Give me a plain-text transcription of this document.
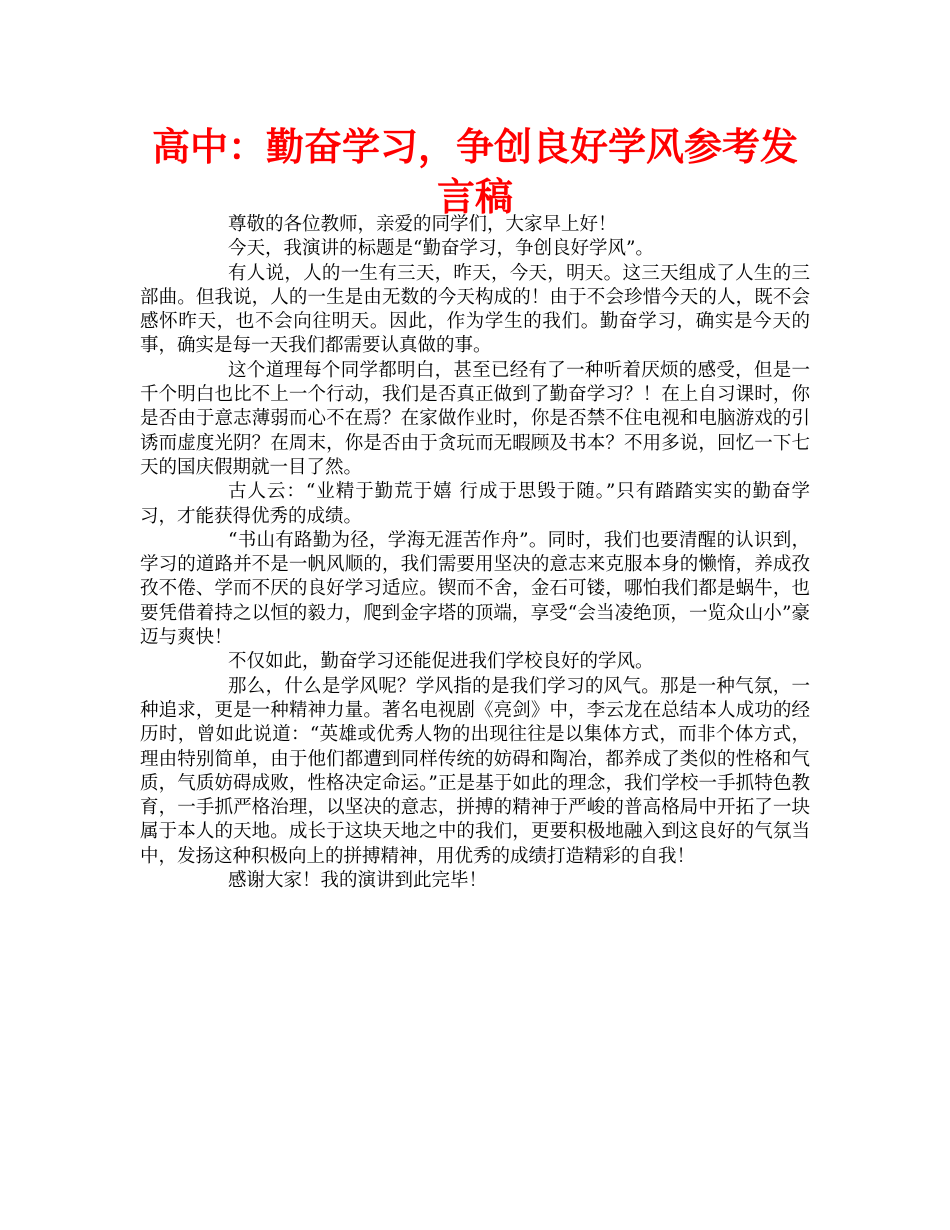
高中：勤奋学习，争创良好学风参考发言稿

尊敬的各位教师，亲爱的同学们，大家早上好！

今天，我演讲的标题是“勤奋学习，争创良好学风”。

有人说，人的一生有三天，昨天，今天，明天。这三天组成了人生的三部曲。但我说，人的一生是由无数的今天构成的！由于不会珍惜今天的人，既不会感怀昨天，也不会向往明天。因此，作为学生的我们。勤奋学习，确实是今天的事，确实是每一天我们都需要认真做的事。

这个道理每个同学都明白，甚至已经有了一种听着厌烦的感受，但是一千个明白也比不上一个行动，我们是否真正做到了勤奋学习？！在上自习课时，你是否由于意志薄弱而心不在焉？在家做作业时，你是否禁不住电视和电脑游戏的引诱而虚度光阴？在周末，你是否由于贪玩而无暇顾及书本？不用多说，回忆一下七天的国庆假期就一目了然。

古人云：“业精于勤荒于嬉 行成于思毁于随。”只有踏踏实实的勤奋学习，才能获得优秀的成绩。

“书山有路勤为径，学海无涯苦作舟”。同时，我们也要清醒的认识到，学习的道路并不是一帆风顺的，我们需要用坚决的意志来克服本身的懒惰，养成孜孜不倦、学而不厌的良好学习适应。锲而不舍，金石可镂，哪怕我们都是蜗牛，也要凭借着持之以恒的毅力，爬到金字塔的顶端，享受“会当凌绝顶，一览众山小”豪迈与爽快！

不仅如此，勤奋学习还能促进我们学校良好的学风。

那么，什么是学风呢？学风指的是我们学习的风气。那是一种气氛，一种追求，更是一种精神力量。著名电视剧《亮剑》中，李云龙在总结本人成功的经历时，曾如此说道：“英雄或优秀人物的出现往往是以集体方式，而非个体方式，理由特别简单，由于他们都遭到同样传统的妨碍和陶冶，都养成了类似的性格和气质，气质妨碍成败，性格决定命运。”正是基于如此的理念，我们学校一手抓特色教育，一手抓严格治理，以坚决的意志，拼搏的精神于严峻的普高格局中开拓了一块属于本人的天地。成长于这块天地之中的我们，更要积极地融入到这良好的气氛当中，发扬这种积极向上的拼搏精神，用优秀的成绩打造精彩的自我！

感谢大家！我的演讲到此完毕！
